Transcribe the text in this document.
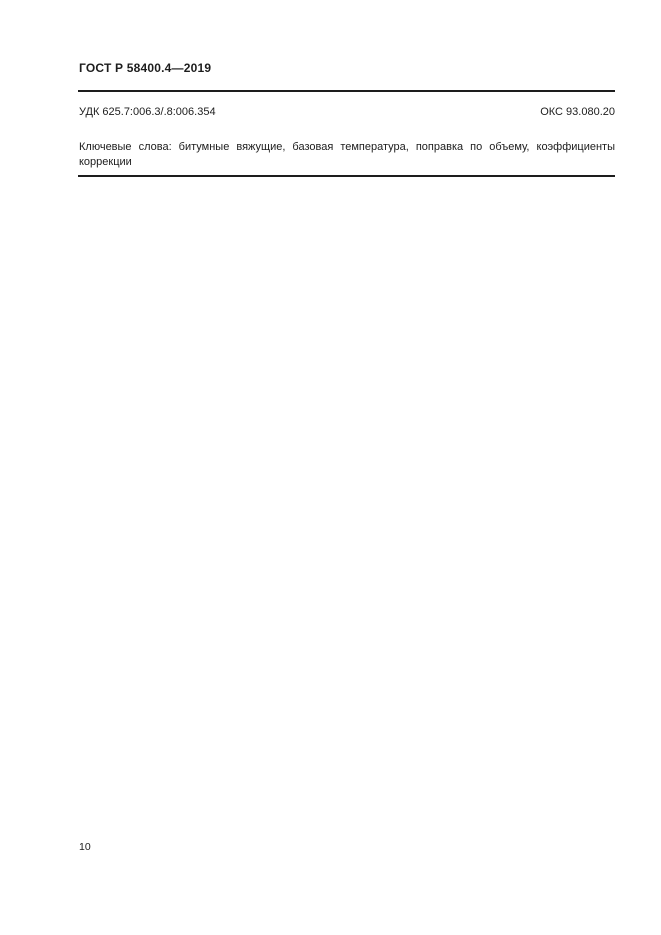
ГОСТ Р 58400.4—2019
УДК 625.7:006.3/.8:006.354	ОКС 93.080.20
Ключевые слова: битумные вяжущие, базовая температура, поправка по объему, коэффициенты
коррекции
10
